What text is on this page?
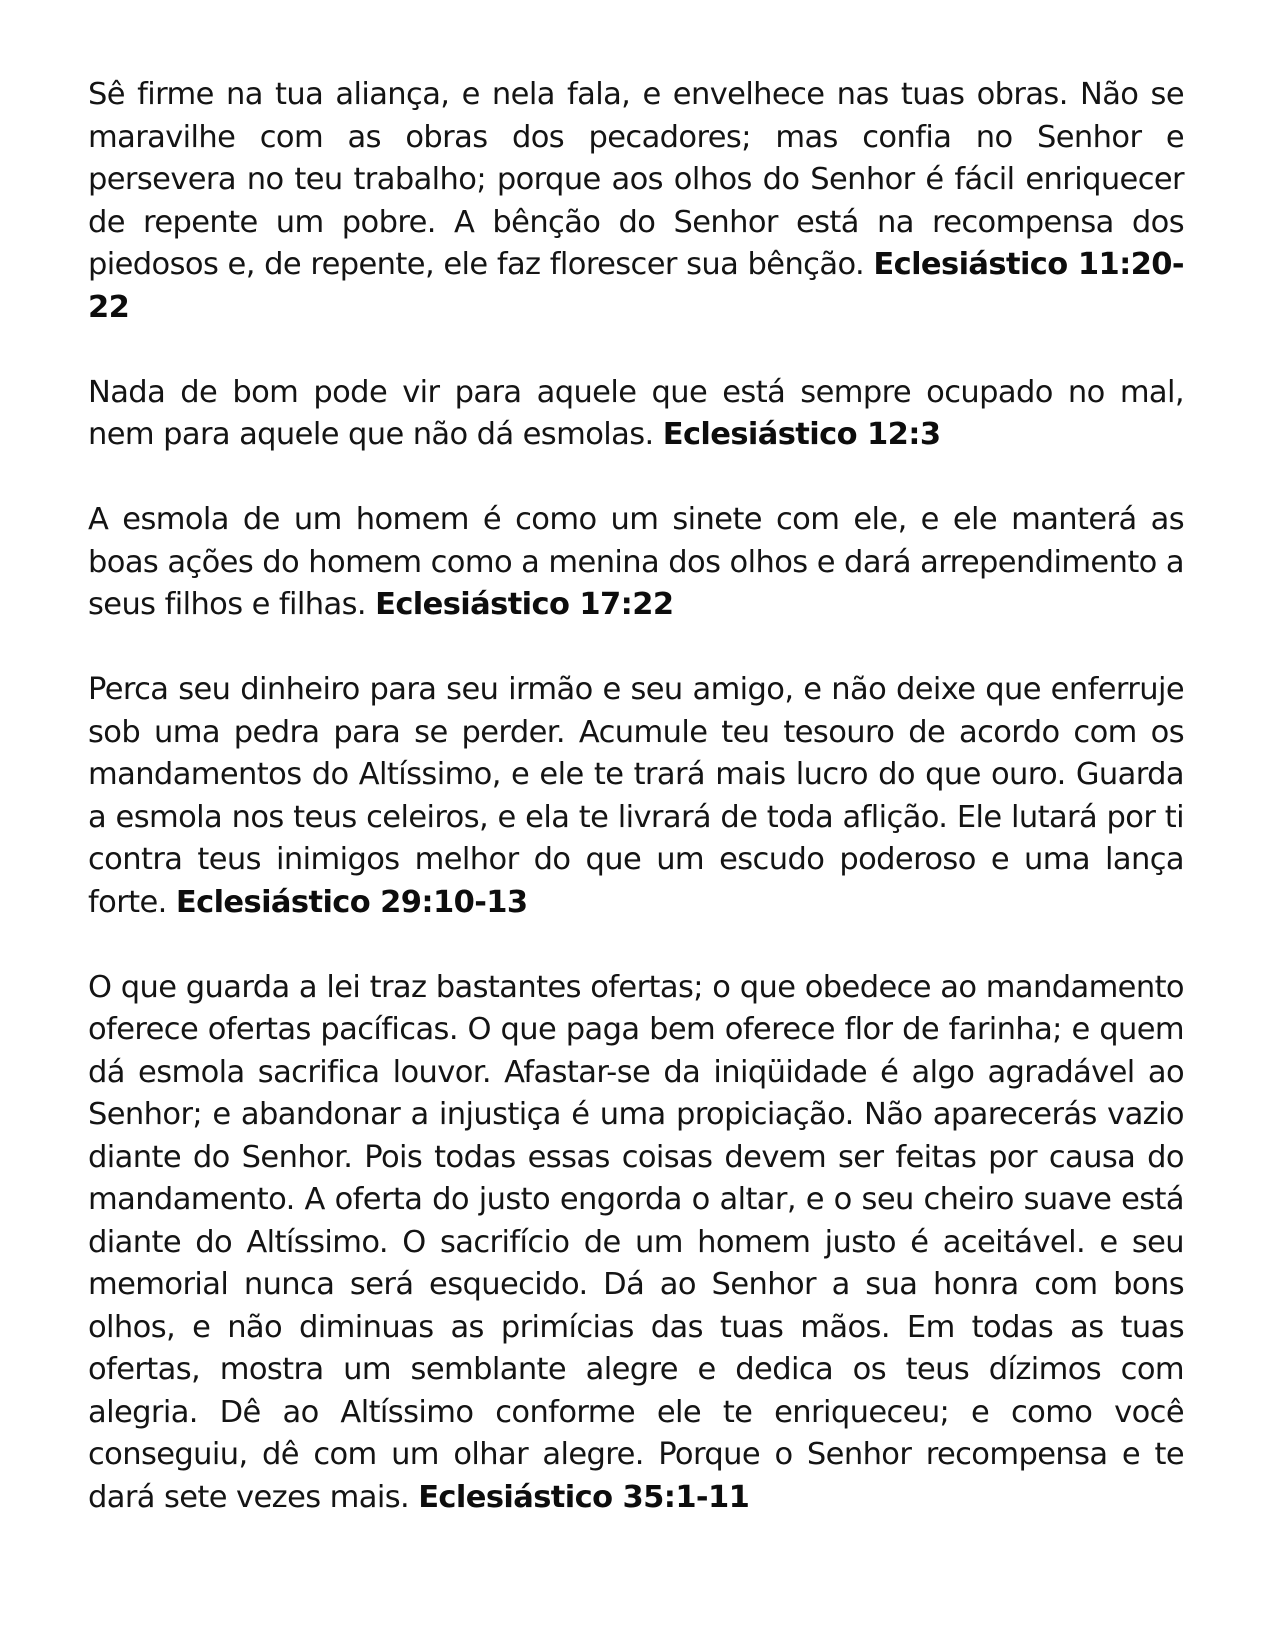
Sê firme na tua aliança, e nela fala, e envelhece nas tuas obras. Não se maravilhe com as obras dos pecadores; mas confia no Senhor e persevera no teu trabalho; porque aos olhos do Senhor é fácil enriquecer de repente um pobre. A bênção do Senhor está na recompensa dos piedosos e, de repente, ele faz florescer sua bênção. Eclesiástico 11:20-22

Nada de bom pode vir para aquele que está sempre ocupado no mal, nem para aquele que não dá esmolas. Eclesiástico 12:3

A esmola de um homem é como um sinete com ele, e ele manterá as boas ações do homem como a menina dos olhos e dará arrependimento a seus filhos e filhas. Eclesiástico 17:22

Perca seu dinheiro para seu irmão e seu amigo, e não deixe que enferruje sob uma pedra para se perder. Acumule teu tesouro de acordo com os mandamentos do Altíssimo, e ele te trará mais lucro do que ouro. Guarda a esmola nos teus celeiros, e ela te livrará de toda aflição. Ele lutará por ti contra teus inimigos melhor do que um escudo poderoso e uma lança forte. Eclesiástico 29:10-13

O que guarda a lei traz bastantes ofertas; o que obedece ao mandamento oferece ofertas pacíficas. O que paga bem oferece flor de farinha; e quem dá esmola sacrifica louvor. Afastar-se da iniqüidade é algo agradável ao Senhor; e abandonar a injustiça é uma propiciação. Não aparecerás vazio diante do Senhor. Pois todas essas coisas devem ser feitas por causa do mandamento. A oferta do justo engorda o altar, e o seu cheiro suave está diante do Altíssimo. O sacrifício de um homem justo é aceitável. e seu memorial nunca será esquecido. Dá ao Senhor a sua honra com bons olhos, e não diminuas as primícias das tuas mãos. Em todas as tuas ofertas, mostra um semblante alegre e dedica os teus dízimos com alegria. Dê ao Altíssimo conforme ele te enriqueceu; e como você conseguiu, dê com um olhar alegre. Porque o Senhor recompensa e te dará sete vezes mais. Eclesiástico 35:1-11
